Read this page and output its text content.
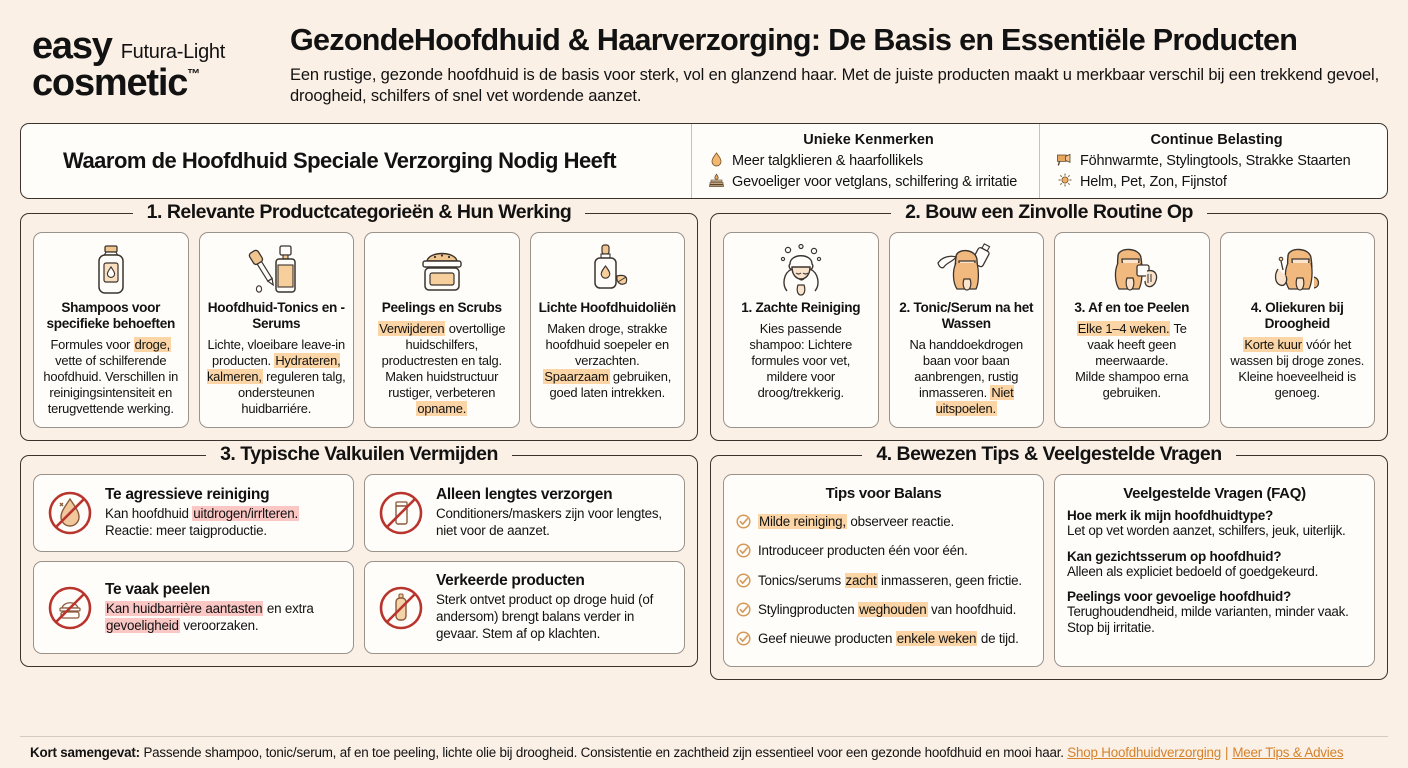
easy Futura-Light
cosmetic ™
GezondeHoofdhuid & Haarverzorging: De Basis en Essentiële Producten
Een rustige, gezonde hoofdhuid is de basis voor sterk, vol en glanzend haar. Met de juiste producten maakt u merkbaar verschil bij een trekkend gevoel, droogheid, schilfers of snel vet wordende aanzet.
Waarom de Hoofdhuid Speciale Verzorging Nodig Heeft
Unieke Kenmerken
Meer talgklieren & haarfollikels
Gevoeliger voor vetglans, schilfering & irritatie
Continue Belasting
Föhnwarmte, Stylingtools, Strakke Staarten
Helm, Pet, Zon, Fijnstof
1. Relevante Productcategorieën & Hun Werking
Shampoos voor specifieke behoeften

Formules voor droge, vette of schilferende hoofdhuid. Verschillen in reinigingsintensiteit en terugvettende werking.

Hoofdhuid-Tonics en -Serums

Lichte, vloeibare leave-in producten. Hydrateren, kalmeren, reguleren talg, ondersteunen huidbarriére.

Peelings en Scrubs

Verwijderen overtollige huidschilfers, productresten en talg. Maken huidstructuur rustiger, verbeteren opname.

Lichte Hoofdhuidoliën

Maken droge, strakke hoofdhuid soepeler en verzachten.
Spaarzaam gebruiken, goed laten intrekken.

2. Bouw een Zinvolle Routine Op
1. Zachte Reiniging

Kies passende shampoo: Lichtere formules voor vet, mildere voor droog/trekkerig.

2. Tonic/Serum na het Wassen

Na handdoekdrogen baan voor baan aanbrengen, rustig inmasseren. Niet uitspoelen.

3. Af en toe Peelen

Elke 1–4 weken. Te vaak heeft geen meerwaarde.
Milde shampoo erna gebruiken.

4. Oliekuren bij Droogheid

Korte kuur vóór het wassen bij droge zones.
Kleine hoeveelheid is genoeg.

3. Typische Valkuilen Vermijden
Te agressieve reiniging

Kan hoofdhuid uitdrogen/irrlteren.
Reactie: meer taigproductie.

Alleen lengtes verzorgen

Conditioners/maskers zijn voor lengtes, niet voor de aanzet.

Te vaak peelen

Kan huidbarrière aantasten en extra gevoeligheid veroorzaken.

Verkeerde producten

Sterk ontvet product op droge huid (of andersom) brengt balans verder in gevaar. Stem af op klachten.

4. Bewezen Tips & Veelgestelde Vragen
Tips voor Balans
Milde reiniging, observeer reactie.
Introduceer producten één voor één.
Tonics/serums zacht inmasseren, geen frictie.
Stylingproducten weghouden van hoofdhuid.
Geef nieuwe producten enkele weken de tijd.
Veelgestelde Vragen (FAQ)
Hoe merk ik mijn hoofdhuidtype?
Let op vet worden aanzet, schilfers, jeuk, uiterlijk.
Kan gezichtsserum op hoofdhuid?
Alleen als expliciet bedoeld of goedgekeurd.
Peelings voor gevoelige hoofdhuid?
Terughoudendheid, milde varianten, minder vaak. Stop bij irritatie.
Kort samengevat: Passende shampoo, tonic/serum, af en toe peeling, lichte olie bij droogheid. Consistentie en zachtheid zijn essentieel voor een gezonde hoofdhuid en mooi haar. Shop Hoofdhuidverzorging | Meer Tips & Advies
